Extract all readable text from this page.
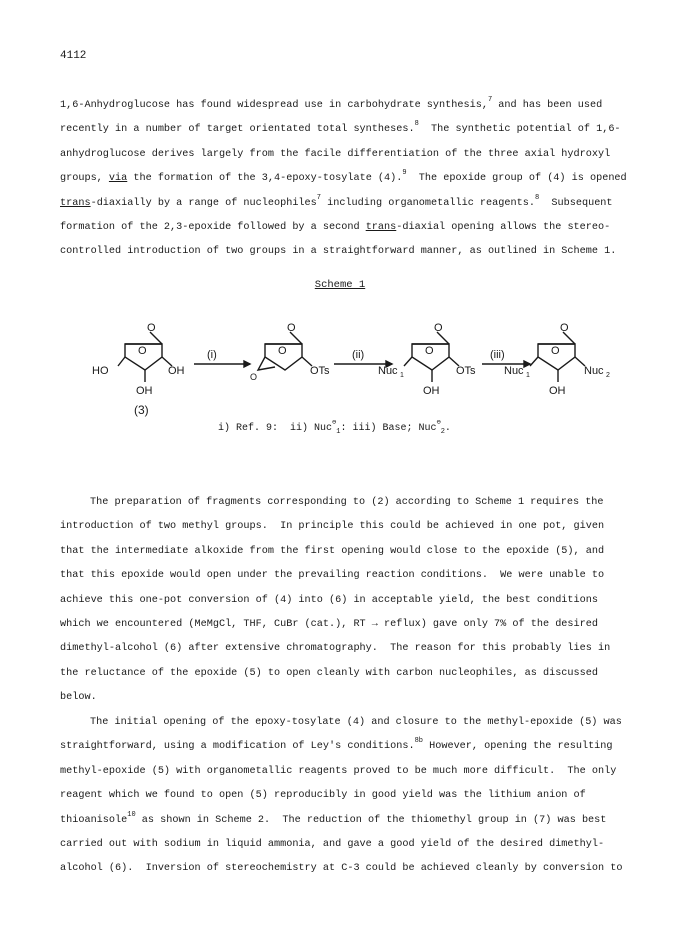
4112
1,6-Anhydroglucose has found widespread use in carbohydrate synthesis,$^7$ and has been used
recently in a number of target orientated total syntheses.$^8$  The synthetic potential of 1,6-
anhydroglucose derives largely from the facile differentiation of the three axial hydroxyl
groups, via the formation of the 3,4-epoxy-tosylate (4).$^9$  The epoxide group of (4) is opened
trans-diaxially by a range of nucleophiles$^7$ including organometallic reagents.$^8$  Subsequent
formation of the 2,3-epoxide followed by a second trans-diaxial opening allows the stereo-
controlled introduction of two groups in a straightforward manner, as outlined in Scheme 1.
Scheme 1
O
O
HO	OH
OH
(3)
(i)
O
O
O	OTs
(ii)
O
O
Nuc 1	OTs
OH
(iii)
O
O
Nuc 1	Nuc 2
OH
i) Ref. 9:  ii) Nuc⊖$_1$: iii) Base; Nuc⊖$_2$.
The preparation of fragments corresponding to (2) according to Scheme 1 requires the
introduction of two methyl groups.  In principle this could be achieved in one pot, given
that the intermediate alkoxide from the first opening would close to the epoxide (5), and
that this epoxide would open under the prevailing reaction conditions.  We were unable to
achieve this one-pot conversion of (4) into (6) in acceptable yield, the best conditions
which we encountered (MeMgCl, THF, CuBr (cat.), RT → reflux) gave only 7% of the desired
dimethyl-alcohol (6) after extensive chromatography.  The reason for this probably lies in
the reluctance of the epoxide (5) to open cleanly with carbon nucleophiles, as discussed
below.
The initial opening of the epoxy-tosylate (4) and closure to the methyl-epoxide (5) was
straightforward, using a modification of Ley's conditions.$^{8b}$ However, opening the resulting
methyl-epoxide (5) with organometallic reagents proved to be much more difficult.  The only
reagent which we found to open (5) reproducibly in good yield was the lithium anion of
thioanisole$^{10}$ as shown in Scheme 2.  The reduction of the thiomethyl group in (7) was best
carried out with sodium in liquid ammonia, and gave a good yield of the desired dimethyl-
alcohol (6).  Inversion of stereochemistry at C-3 could be achieved cleanly by conversion to
